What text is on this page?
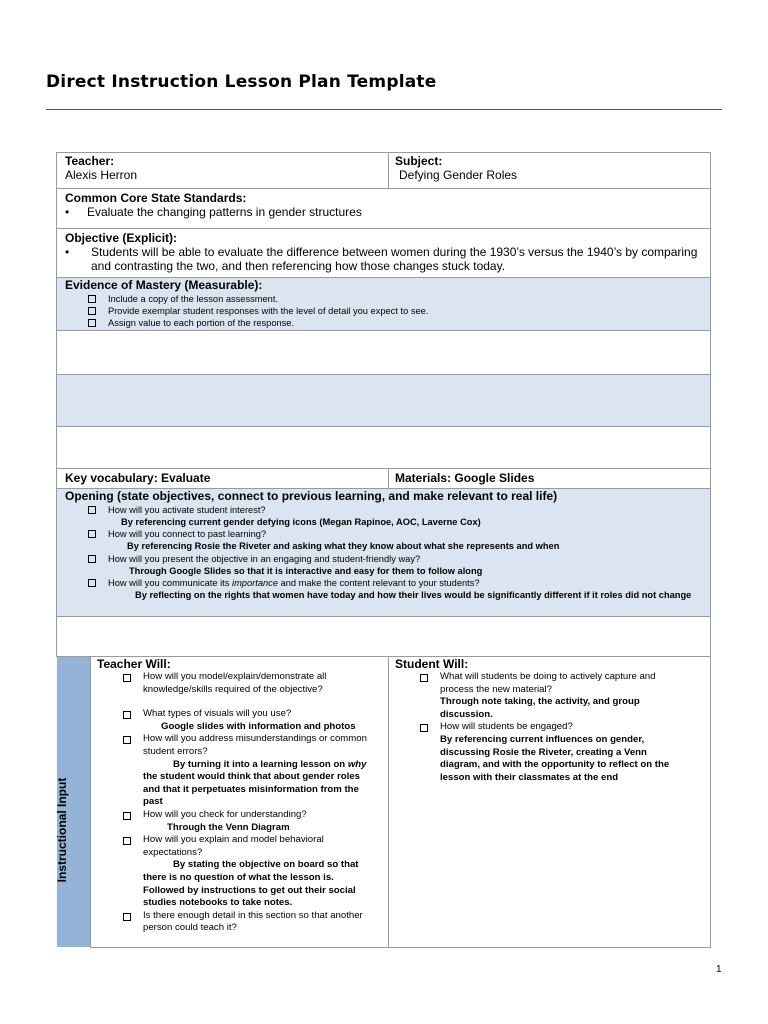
Direct Instruction Lesson Plan Template
Teacher:
Alexis Herron
Subject:
Defying Gender Roles
Common Core State Standards:
• Evaluate the changing patterns in gender structures
Objective (Explicit):
• Students will be able to evaluate the difference between women during the 1930’s versus the 1940’s by comparing and contrasting the two, and then referencing how those changes stuck today.
Evidence of Mastery (Measurable):
Include a copy of the lesson assessment.
Provide exemplar student responses with the level of detail you expect to see.
Assign value to each portion of the response.
Key vocabulary: Evaluate	Materials: Google Slides
Opening (state objectives, connect to previous learning, and make relevant to real life)
How will you activate student interest?
By referencing current gender defying icons (Megan Rapinoe, AOC, Laverne Cox)
How will you connect to past learning?
By referencing Rosie the Riveter and asking what they know about what she represents and when
How will you present the objective in an engaging and student-friendly way?
Through Google Slides so that it is interactive and easy for them to follow along
How will you communicate its importance and make the content relevant to your students?
By reflecting on the rights that women have today and how their lives would be significantly different if it roles did not change
Instructional Input
Teacher Will:
How will you model/explain/demonstrate all knowledge/skills required of the objective?
What types of visuals will you use?
Google slides with information and photos
How will you address misunderstandings or common student errors?
By turning it into a learning lesson on why the student would think that about gender roles and that it perpetuates misinformation from the past
How will you check for understanding?
Through the Venn Diagram
How will you explain and model behavioral expectations?
By stating the objective on board so that there is no question of what the lesson is. Followed by instructions to get out their social studies notebooks to take notes.
Is there enough detail in this section so that another person could teach it?
Student Will:
What will students be doing to actively capture and process the new material?
Through note taking, the activity, and group discussion.
How will students be engaged?
By referencing current influences on gender, discussing Rosie the Riveter, creating a Venn diagram, and with the opportunity to reflect on the lesson with their classmates at the end
1
